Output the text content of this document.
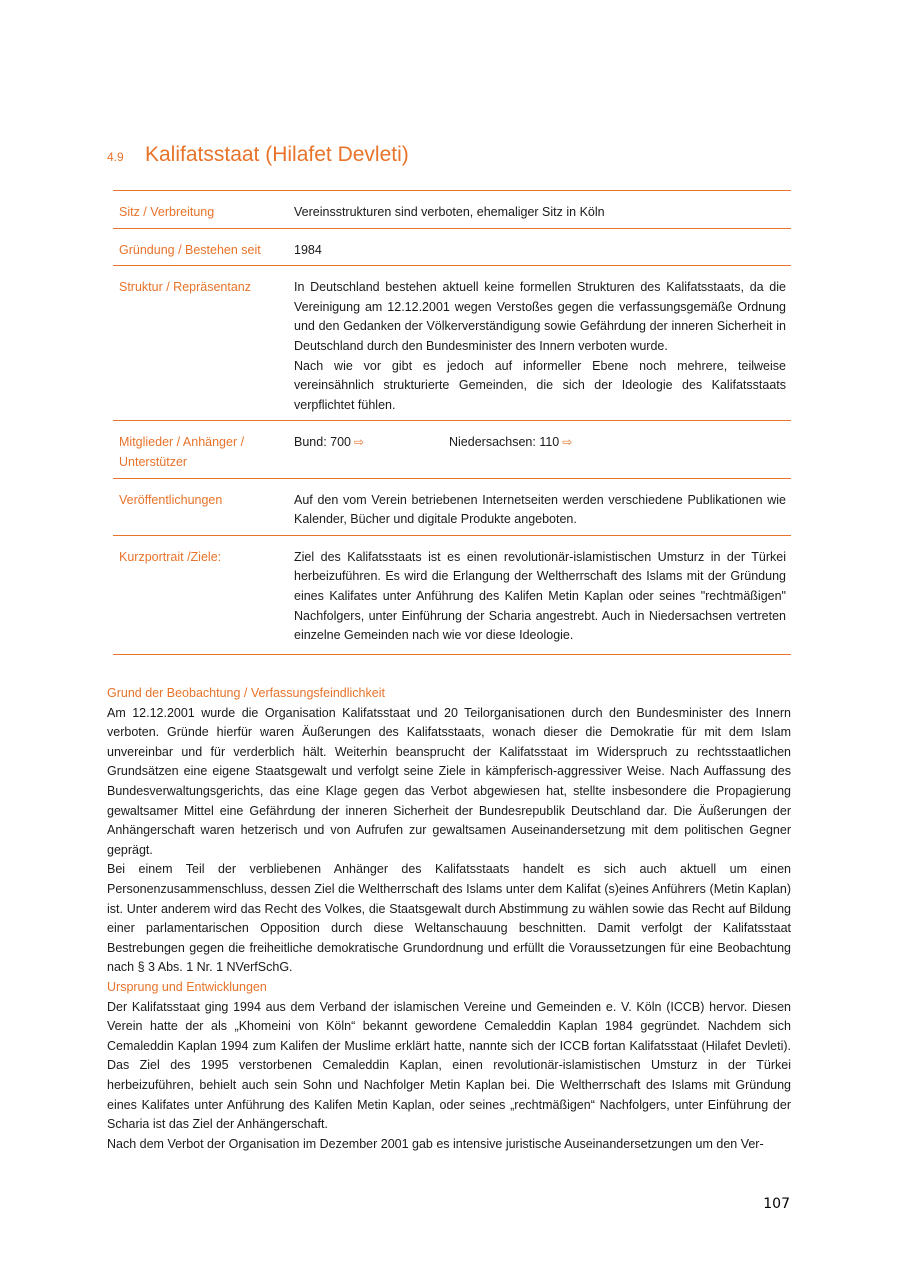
4.9	Kalifatsstaat (Hilafet Devleti)
Sitz / Verbreitung	Vereinsstrukturen sind verboten, ehemaliger Sitz in Köln
Gründung / Bestehen seit	1984
Struktur / Repräsentanz	In Deutschland bestehen aktuell keine formellen Strukturen des Kalifatsstaats, da die Vereinigung am 12.12.2001 wegen Verstoßes gegen die verfassungsgemäße Ordnung und den Gedanken der Völkerverständigung sowie Gefährdung der inneren Sicherheit in Deutschland durch den Bundesminister des Innern verboten wurde.
Nach wie vor gibt es jedoch auf informeller Ebene noch mehrere, teilweise vereinsähnlich strukturierte Gemeinden, die sich der Ideologie des Kalifatsstaats verpflichtet fühlen.

Mitglieder / Anhänger / Unterstützer	Bund: 700 ⇨ Niedersachsen: 110 ⇨

Veröffentlichungen	Auf den vom Verein betriebenen Internetseiten werden verschiedene Publikationen wie Kalender, Bücher und digitale Produkte angeboten.
Kurzportrait /Ziele:	Ziel des Kalifatsstaats ist es einen revolutionär-islamistischen Umsturz in der Türkei herbeizuführen. Es wird die Erlangung der Weltherrschaft des Islams mit der Gründung eines Kalifates unter Anführung des Kalifen Metin Kaplan oder seines "rechtmäßigen" Nachfolgers, unter Einführung der Scharia angestrebt. Auch in Niedersachsen vertreten einzelne Gemeinden nach wie vor diese Ideologie.
Grund der Beobachtung / Verfassungsfeindlichkeit

Am 12.12.2001 wurde die Organisation Kalifatsstaat und 20 Teilorganisationen durch den Bundesminister des Innern verboten. Gründe hierfür waren Äußerungen des Kalifatsstaats, wonach dieser die Demokratie für mit dem Islam unvereinbar und für verderblich hält. Weiterhin beansprucht der Kalifatsstaat im Widerspruch zu rechtsstaatlichen Grundsätzen eine eigene Staatsgewalt und verfolgt seine Ziele in kämpferisch-aggressiver Weise. Nach Auffassung des Bundesverwaltungsgerichts, das eine Klage gegen das Verbot abgewiesen hat, stellte insbesondere die Propagierung gewaltsamer Mittel eine Gefährdung der inneren Sicherheit der Bundesrepublik Deutschland dar. Die Äußerungen der Anhängerschaft waren hetzerisch und von Aufrufen zur gewaltsamen Auseinandersetzung mit dem politischen Gegner geprägt.

Bei einem Teil der verbliebenen Anhänger des Kalifatsstaats handelt es sich auch aktuell um einen Personenzusammenschluss, dessen Ziel die Weltherrschaft des Islams unter dem Kalifat (s)eines Anführers (Metin Kaplan) ist. Unter anderem wird das Recht des Volkes, die Staatsgewalt durch Abstimmung zu wählen sowie das Recht auf Bildung einer parlamentarischen Opposition durch diese Weltanschauung beschnitten. Damit verfolgt der Kalifatsstaat Bestrebungen gegen die freiheitliche demokratische Grundordnung und erfüllt die Voraussetzungen für eine Beobachtung nach § 3 Abs. 1 Nr. 1 NVerfSchG.

Ursprung und Entwicklungen

Der Kalifatsstaat ging 1994 aus dem Verband der islamischen Vereine und Gemeinden e. V. Köln (ICCB) hervor. Diesen Verein hatte der als „Khomeini von Köln“ bekannt gewordene Cemaleddin Kaplan 1984 gegründet. Nachdem sich Cemaleddin Kaplan 1994 zum Kalifen der Muslime erklärt hatte, nannte sich der ICCB fortan Kalifatsstaat (Hilafet Devleti). Das Ziel des 1995 verstorbenen Cemaleddin Kaplan, einen revolutionär-islamistischen Umsturz in der Türkei herbeizuführen, behielt auch sein Sohn und Nachfolger Metin Kaplan bei. Die Weltherrschaft des Islams mit Gründung eines Kalifates unter Anführung des Kalifen Metin Kaplan, oder seines „rechtmäßigen“ Nachfolgers, unter Einführung der Scharia ist das Ziel der Anhängerschaft.

Nach dem Verbot der Organisation im Dezember 2001 gab es intensive juristische Auseinandersetzungen um den Ver-

107
